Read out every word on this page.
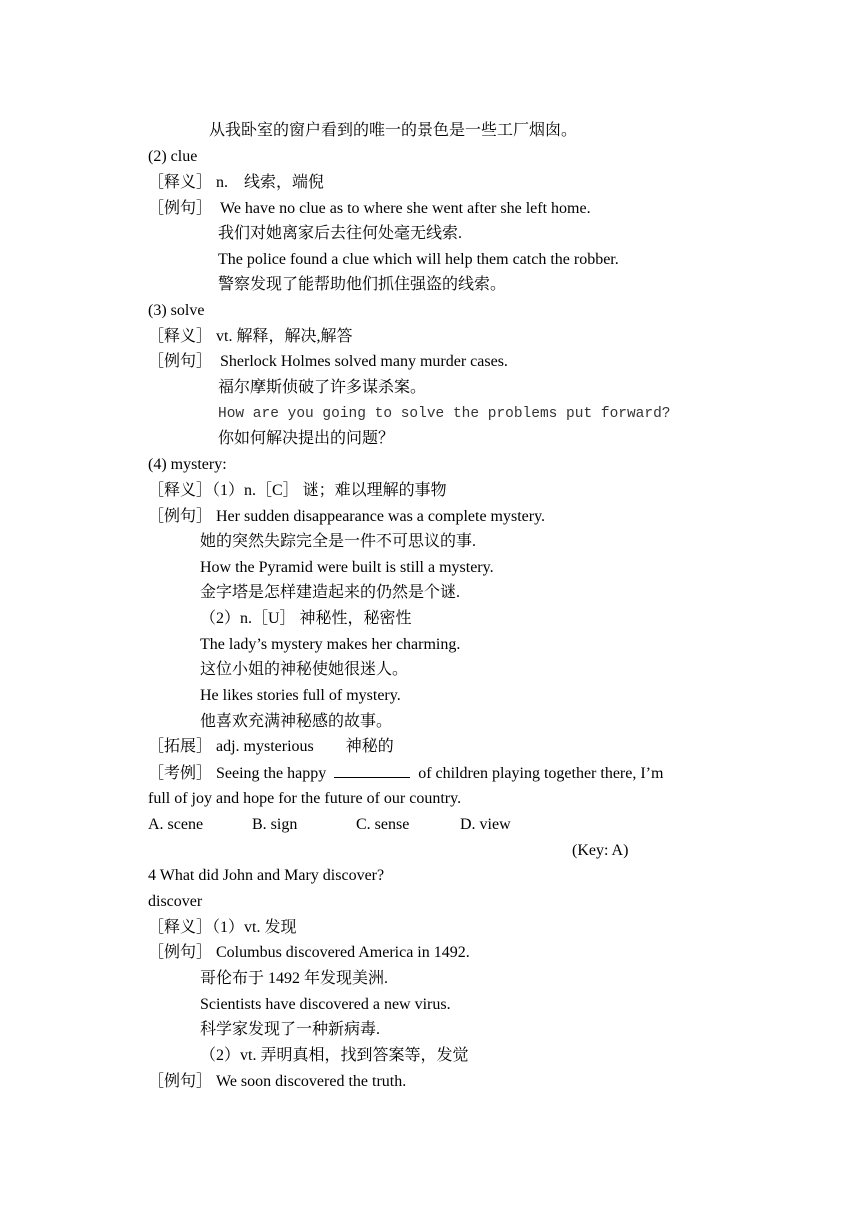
从我卧室的窗户看到的唯一的景色是一些工厂烟囱。
(2) clue
［释义］ n.　线索，端倪
［例句］　We have no clue as to where she went after she left home.
我们对她离家后去往何处毫无线索.
The police found a clue which will help them catch the robber.
警察发现了能帮助他们抓住强盗的线索。
(3) solve
［释义］ vt. 解释，解决,解答
［例句］　Sherlock Holmes solved many murder cases.
福尔摩斯侦破了许多谋杀案。
How are you going to solve the problems put forward?
你如何解决提出的问题？
(4) mystery:
［释义］（1）n.［C］ 谜；难以理解的事物
［例句］ Her sudden disappearance was a complete mystery.
她的突然失踪完全是一件不可思议的事.
How the Pyramid were built is still a mystery.
金字塔是怎样建造起来的仍然是个谜.
（2）n.［U］ 神秘性，秘密性
The lady’s mystery makes her charming.
这位小姐的神秘使她很迷人。
He likes stories full of mystery.
他喜欢充满神秘感的故事。
［拓展］ adj. mysterious　　神秘的
［考例］ Seeing the happy	of children playing together there, I’m
full of joy and hope for the future of our country.
A. scene	B. sign	C. sense	D. view
(Key: A)
4 What did John and Mary discover?
discover
［释义］（1）vt. 发现
［例句］ Columbus discovered America in 1492.
哥伦布于 1492 年发现美洲.
Scientists have discovered a new virus.
科学家发现了一种新病毒.
（2）vt. 弄明真相，找到答案等，发觉
［例句］ We soon discovered the truth.
